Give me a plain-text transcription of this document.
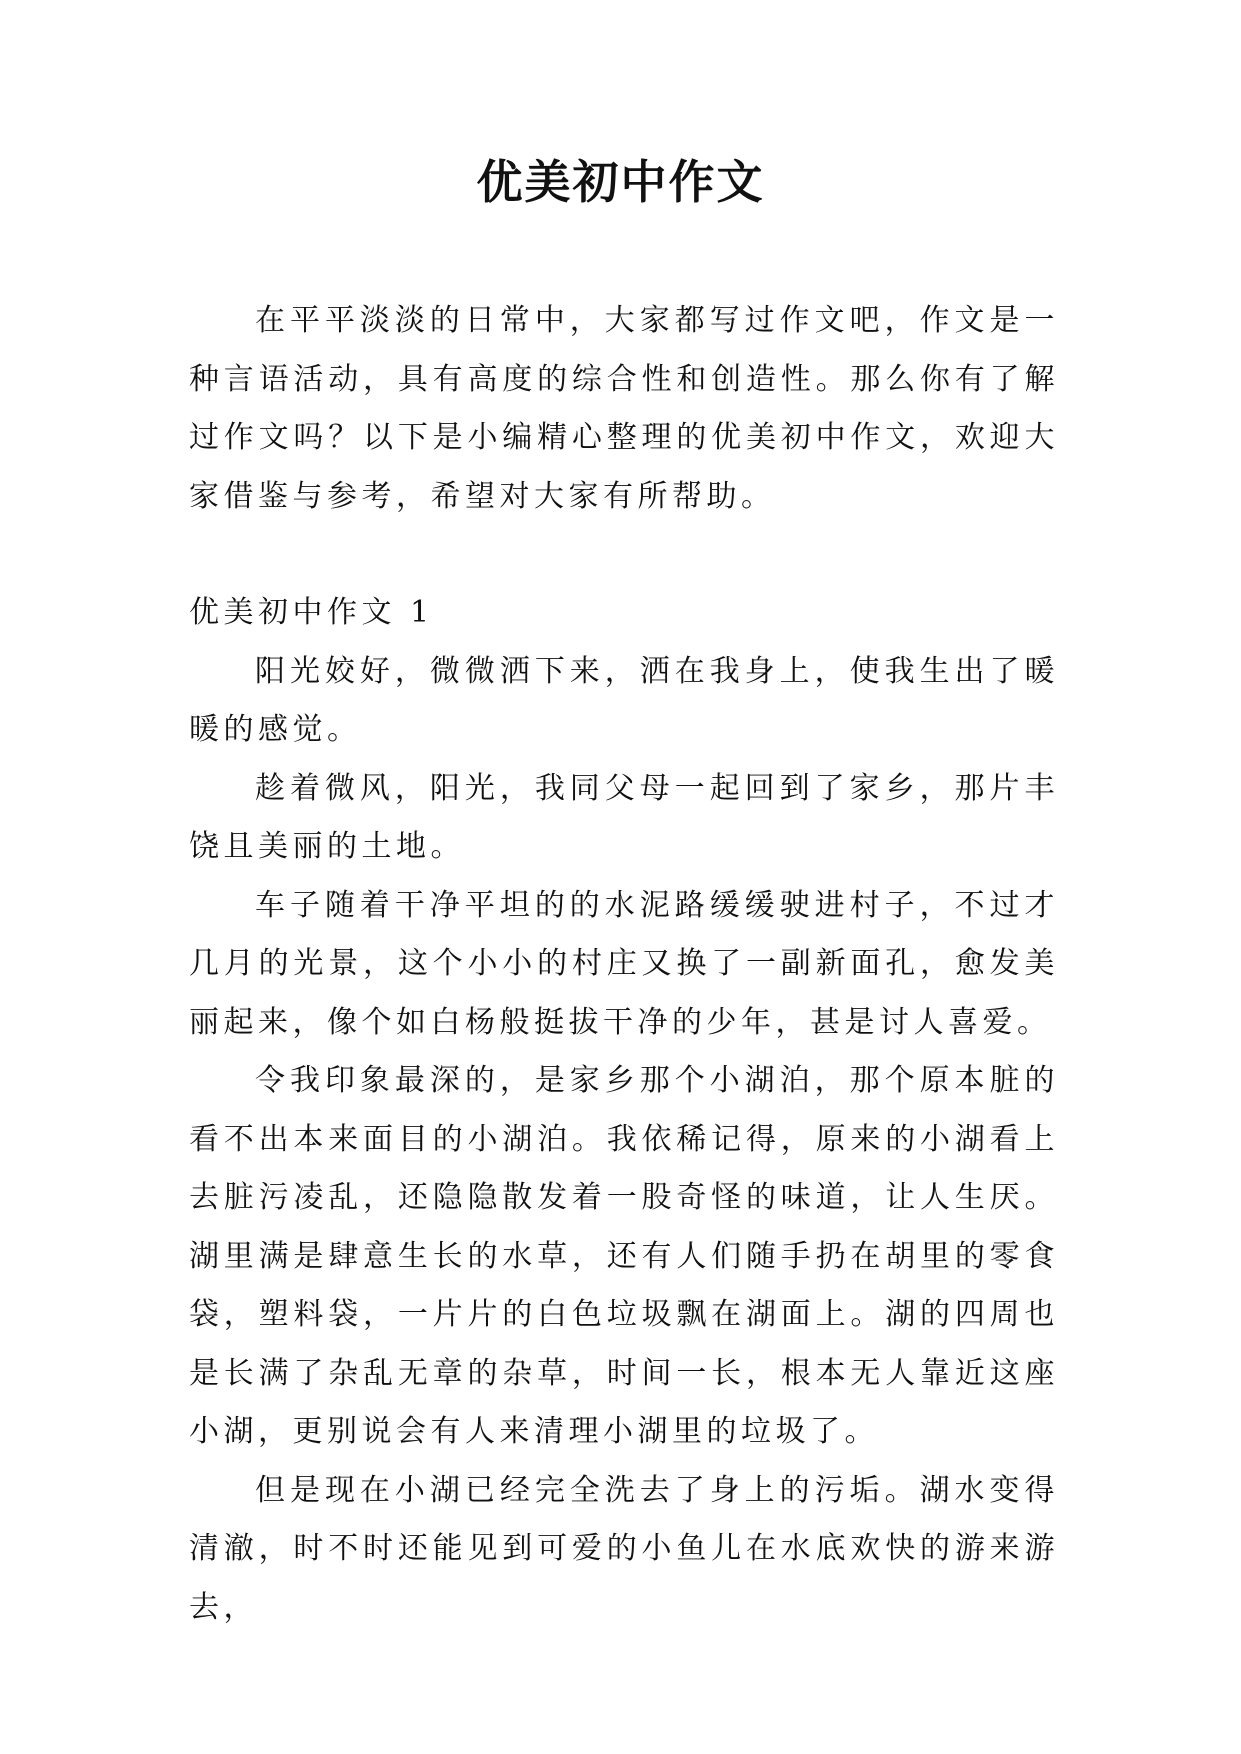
优美初中作文

在平平淡淡的日常中，大家都写过作文吧，作文是一种言语活动，具有高度的综合性和创造性。那么你有了解过作文吗？以下是小编精心整理的优美初中作文，欢迎大家借鉴与参考，希望对大家有所帮助。

优美初中作文 1

阳光姣好，微微洒下来，洒在我身上，使我生出了暖暖的感觉。

趁着微风，阳光，我同父母一起回到了家乡，那片丰饶且美丽的土地。

车子随着干净平坦的的水泥路缓缓驶进村子，不过才几月的光景，这个小小的村庄又换了一副新面孔，愈发美丽起来，像个如白杨般挺拔干净的少年，甚是讨人喜爱。

令我印象最深的，是家乡那个小湖泊，那个原本脏的看不出本来面目的小湖泊。我依稀记得，原来的小湖看上去脏污凌乱，还隐隐散发着一股奇怪的味道，让人生厌。湖里满是肆意生长的水草，还有人们随手扔在胡里的零食袋，塑料袋，一片片的白色垃圾飘在湖面上。湖的四周也是长满了杂乱无章的杂草，时间一长，根本无人靠近这座小湖，更别说会有人来清理小湖里的垃圾了。

但是现在小湖已经完全洗去了身上的污垢。湖水变得清澈，时不时还能见到可爱的小鱼儿在水底欢快的游来游去，
